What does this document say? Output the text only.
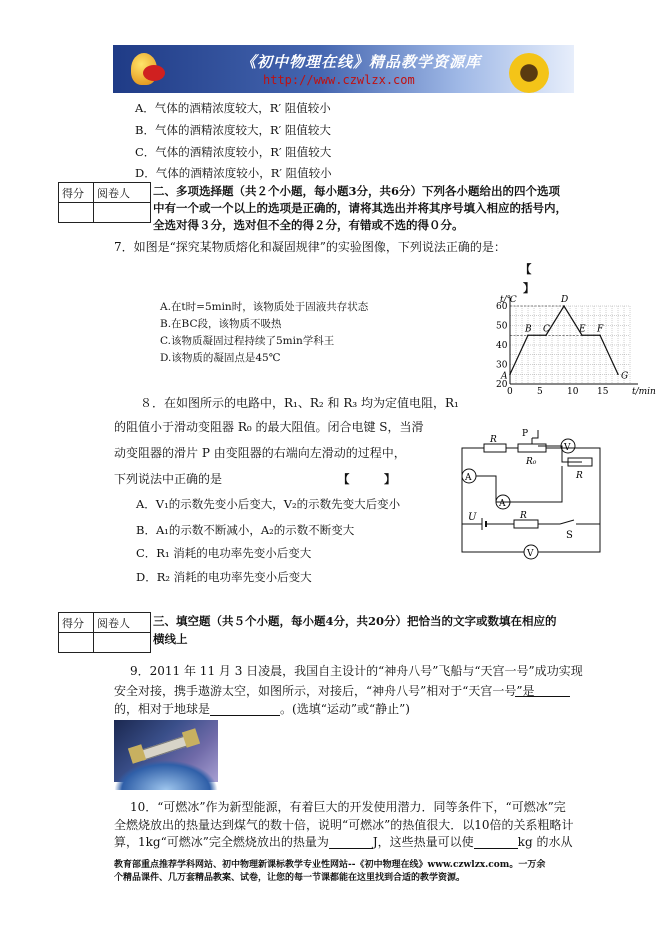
《初中物理在线》精品教学资源库
http://www.czwlzx.com
A．气体的酒精浓度较大，R′ 阻值较小
B．气体的酒精浓度较大，R′ 阻值较大
C．气体的酒精浓度较小，R′ 阻值较大
D．气体的酒精浓度较小，R′ 阻值较小
得分	阅卷人
	二、多项选择题（共２个小题，每小题3分，共6分）下列各小题给出的四个选项
中有一个或一个以上的选项是正确的，请将其选出并将其序号填入相应的括号内，
全选对得３分，选对但不全的得２分，有错或不选的得０分。
7．如图是“探究某物质熔化和凝固规律”的实验图像，下列说法正确的是：
【
】
A.在t时=5min时，该物质处于固液共存状态
B.在BC段，该物质不吸热
C.该物质凝固过程持续了5min学科王
D.该物质的凝固点是45℃
20
30
40
50
60
0	5	10 15
t/℃
t/min
A
B C
D
E F
G
８．在如图所示的电路中，R₁、R₂ 和 R₃ 均为定值电阻，R₁
的阻值小于滑动变阻器 R₀ 的最大阻值。闭合电键 S，当滑
动变阻器的滑片 P 由变阻器的右端向左滑动的过程中，
下列说法中正确的是	【　　　】
A．V₁的示数先变小后变大，V₂的示数先变大后变小
B．A₁的示数不断减小，A₂的示数不断变大
C．R₁ 消耗的电功率先变小后变大
D．R₂ 消耗的电功率先变小后变大
V
A
A
V
R
P
R₀
R
U	R
S
得分	阅卷人
	三、填空题（共５个小题，每小题4分，共20分）把恰当的文字或数填在相应的
横线上
9．2011 年 11 月 3 日凌晨，我国自主设计的“神舟八号”飞船与“天宫一号”成功实现
安全对接，携手遨游太空，如图所示，对接后，“神舟八号”相对于“天宫一号”是
的，相对于地球是	。(选填“运动”或“静止”)
10．“可燃冰”作为新型能源，有着巨大的开发使用潜力．同等条件下，“可燃冰”完
全燃烧放出的热量达到煤气的数十倍，说明“可燃冰”的热值很大．以10倍的关系粗略计
算，1kg“可燃冰”完全燃烧放出的热量为	J，这些热量可以使	kg 的水从
教育部重点推荐学科网站、初中物理新课标教学专业性网站--《初中物理在线》www.czwlzx.com。一万余
个精品课件、几万套精品教案、试卷，让您的每一节课都能在这里找到合适的教学资源。
